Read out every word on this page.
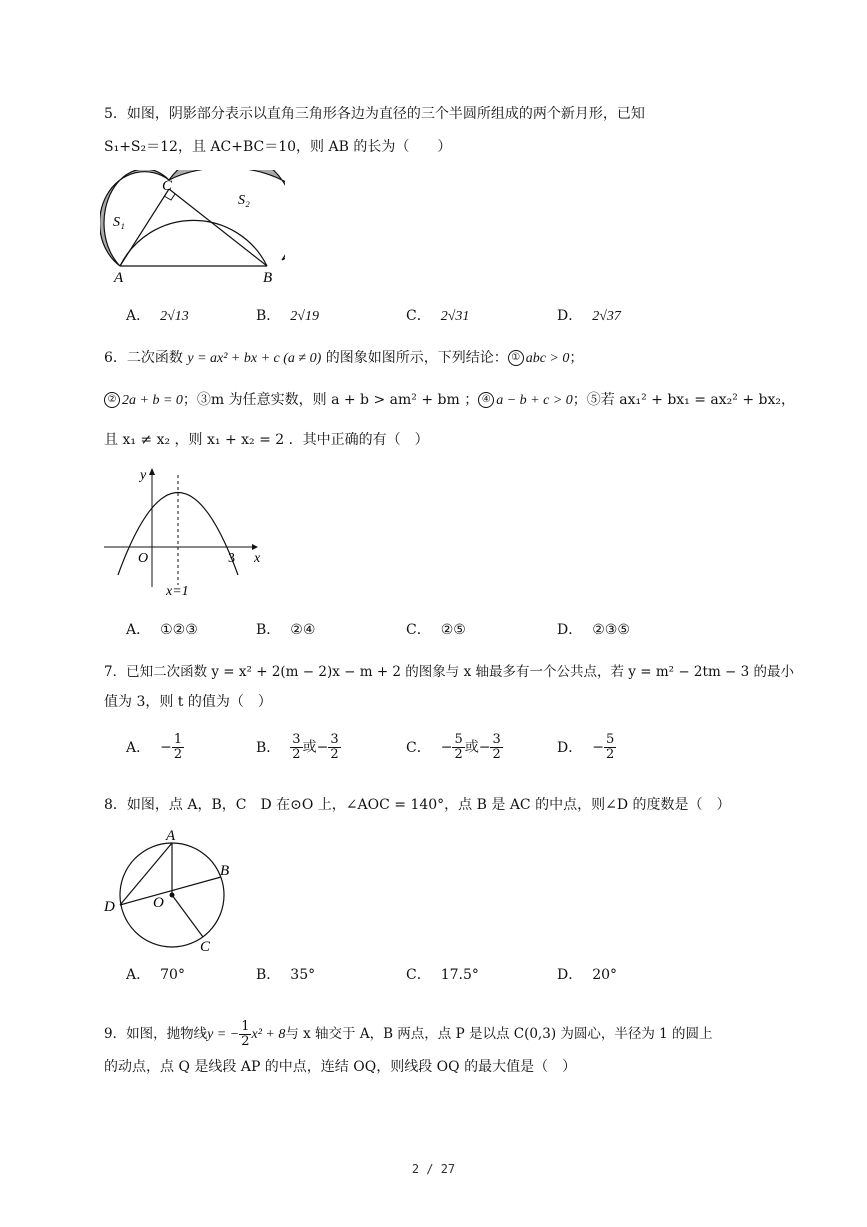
5．如图，阴影部分表示以直角三角形各边为直径的三个半圆所组成的两个新月形，已知
S₁+S₂＝12，且 AC+BC＝10，则 AB 的长为（　　）
C
S₂
S₁
A	B
A． 2√13	B． 2√19	C． 2√31	D． 2√37
6．二次函数 y = ax² + bx + c (a ≠ 0) 的图象如图所示，下列结论： ① abc > 0；
② 2a + b = 0；③m 为任意实数，则 a + b > am² + bm ； ④ a − b + c > 0；⑤若 ax₁² + bx₁ = ax₂² + bx₂，
且 x₁ ≠ x₂ ，则 x₁ + x₂ = 2 ．其中正确的有（　）
y
x
O	3
x=1
A． ①②③	B． ②④	C． ②⑤	D． ②③⑤
7．已知二次函数 y = x² + 2(m − 2)x − m + 2 的图象与 x 轴最多有一个公共点，若 y = m² − 2tm − 3 的最小
值为 3，则 t 的值为（　）
A． − $\frac{1}{2}$	B． $\frac{3}{2}$ 或− $\frac{3}{2}$	C． − $\frac{5}{2}$ 或− $\frac{3}{2}$	D． − $\frac{5}{2}$
8．如图，点 A，B，C　D 在⊙O 上，∠AOC = 140°，点 B 是 AC 的中点，则∠D 的度数是（　）
A
B
D	O
C
A． 70°	B． 35°	C． 17.5°	D． 20°
9．如图，抛物线y = − $\frac{1}{2} x^2 + 8$与 x 轴交于 A，B 两点，点 P 是以点 C(0,3) 为圆心，半径为 1 的圆上
的动点，点 Q 是线段 AP 的中点，连结 OQ，则线段 OQ 的最大值是（　）
2 / 27
